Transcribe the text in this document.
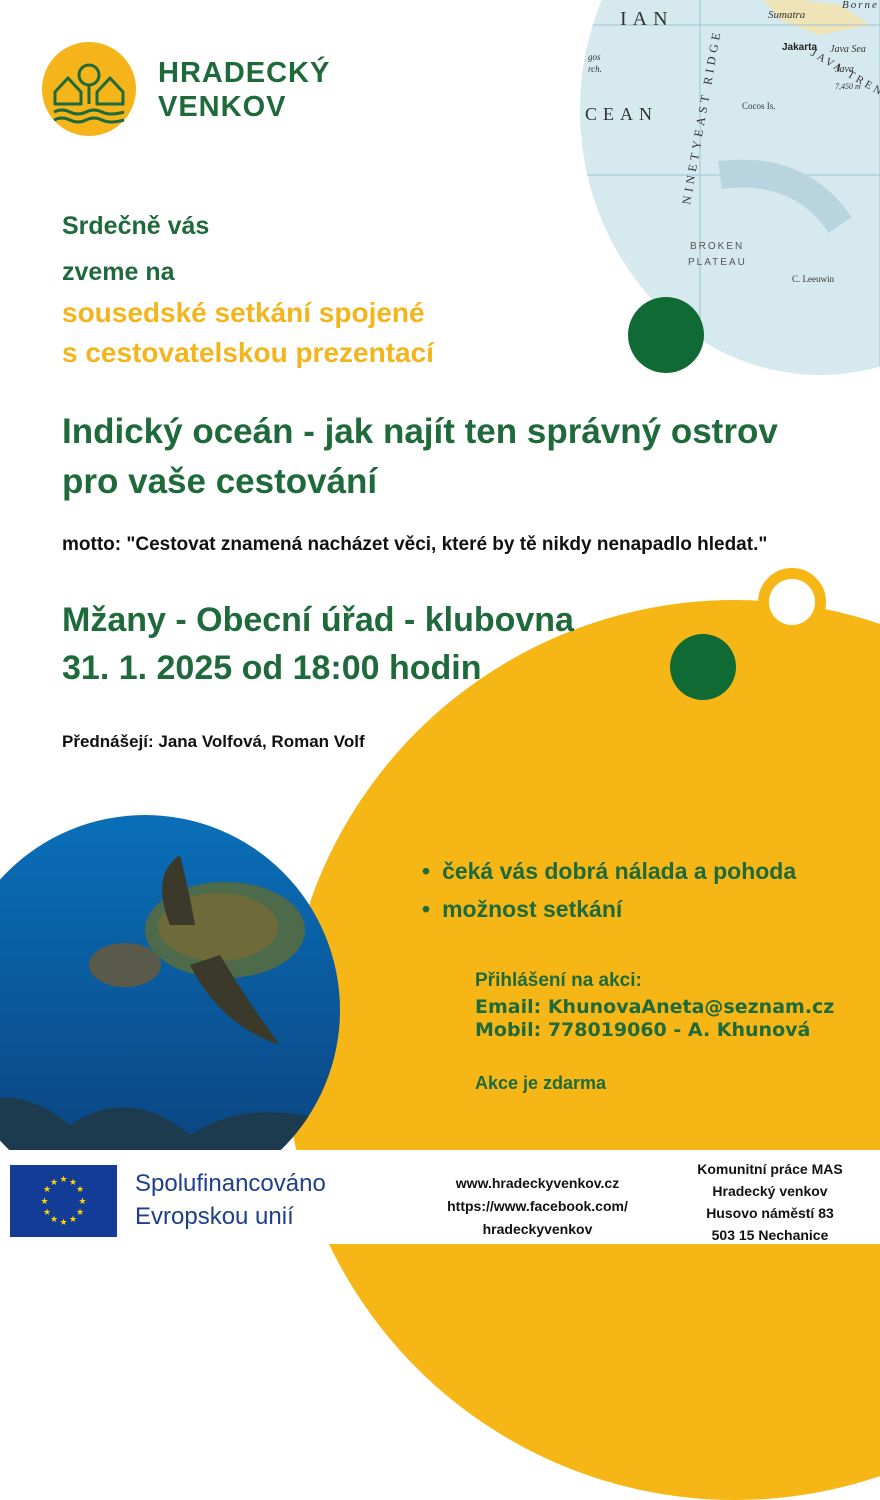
IAN
CEAN NINETYEAST RIDGE
Sumatra
Jakarta Java Sea
Java
Borne
Cocos Is.
BROKEN
PLATEAU
C. Leeuwin
gos
rch.
7,450 m
HRADECKÝ
VENKOV
Srdečně vás
zveme na
sousedské setkání spojené
s cestovatelskou prezentací
Indický oceán - jak najít ten správný ostrov
pro vaše cestování
motto: "Cestovat znamená nacházet věci, které by tě nikdy nenapadlo hledat."
Mžany - Obecní úřad - klubovna
31. 1. 2025 od 18:00 hodin
Přednášejí: Jana Volfová, Roman Volf
• čeká vás dobrá nálada a pohoda
• možnost setkání
Přihlášení na akci:
Email: KhunovaAneta@seznam.cz
Mobil: 778019060 - A. Khunová
Akce je zdarma
★ ★
★
★
★
★
★
★
★
★
★
★	Spolufinancováno
Evropskou unií
www.hradeckyvenkov.cz
https://www.facebook.com/
hradeckyvenkov
Komunitní práce MAS
Hradecký venkov
Husovo náměstí 83
503 15 Nechanice
